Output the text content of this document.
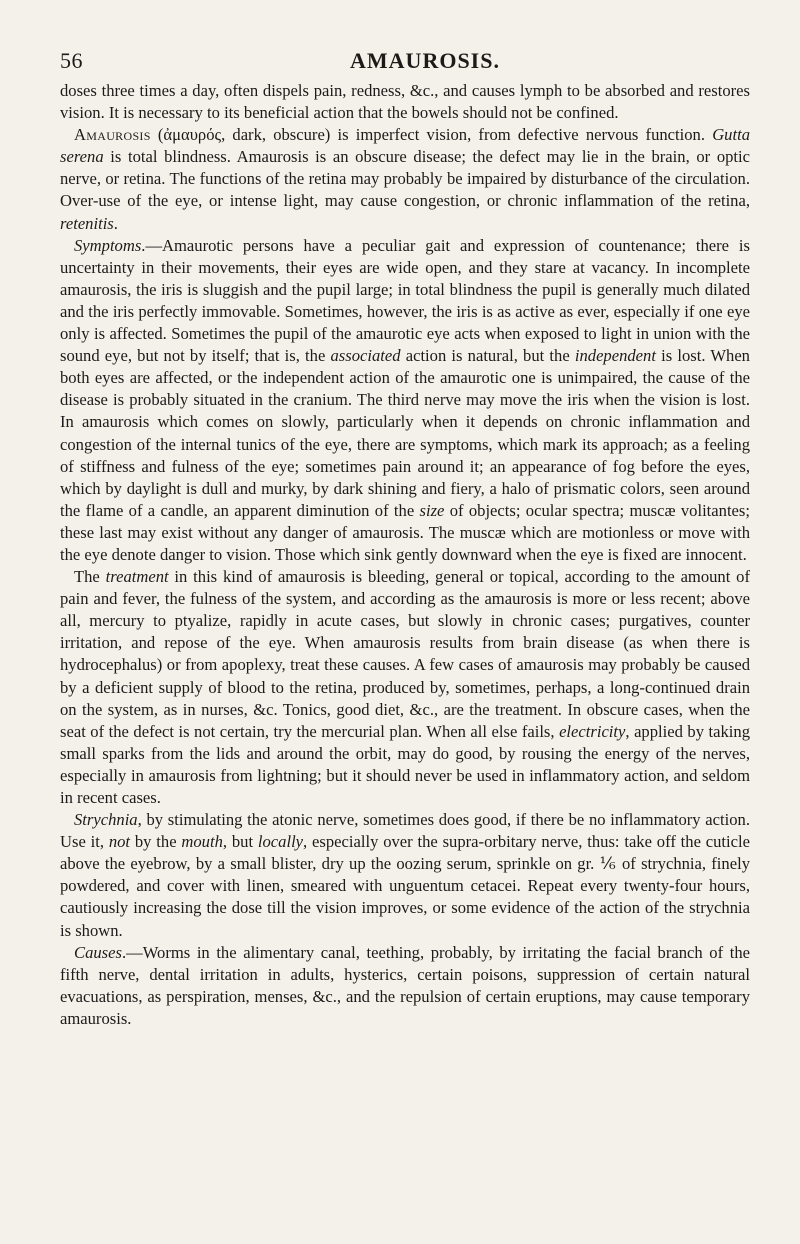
56	AMAUROSIS.

doses three times a day, often dispels pain, redness, &c., and causes lymph to be absorbed and restores vision. It is necessary to its beneficial action that the bowels should not be confined.

Amaurosis (ἀμαυρός, dark, obscure) is imperfect vision, from defective nervous function. Gutta serena is total blindness. Amaurosis is an obscure disease; the defect may lie in the brain, or optic nerve, or retina. The functions of the retina may probably be impaired by disturbance of the circulation. Over-use of the eye, or intense light, may cause congestion, or chronic inflammation of the retina, retenitis.

Symptoms.—Amaurotic persons have a peculiar gait and expression of countenance; there is uncertainty in their movements, their eyes are wide open, and they stare at vacancy. In incomplete amaurosis, the iris is sluggish and the pupil large; in total blindness the pupil is generally much dilated and the iris perfectly immovable. Sometimes, however, the iris is as active as ever, especially if one eye only is affected. Sometimes the pupil of the amaurotic eye acts when exposed to light in union with the sound eye, but not by itself; that is, the associated action is natural, but the independent is lost. When both eyes are affected, or the independent action of the amaurotic one is unimpaired, the cause of the disease is probably situated in the cranium. The third nerve may move the iris when the vision is lost. In amaurosis which comes on slowly, particularly when it depends on chronic inflammation and congestion of the internal tunics of the eye, there are symptoms, which mark its approach; as a feeling of stiffness and fulness of the eye; sometimes pain around it; an appearance of fog before the eyes, which by daylight is dull and murky, by dark shining and fiery, a halo of prismatic colors, seen around the flame of a candle, an apparent diminution of the size of objects; ocular spectra; muscæ volitantes; these last may exist without any danger of amaurosis. The muscæ which are motionless or move with the eye denote danger to vision. Those which sink gently downward when the eye is fixed are innocent.

The treatment in this kind of amaurosis is bleeding, general or topical, according to the amount of pain and fever, the fulness of the system, and according as the amaurosis is more or less recent; above all, mercury to ptyalize, rapidly in acute cases, but slowly in chronic cases; purgatives, counter irritation, and repose of the eye. When amaurosis results from brain disease (as when there is hydrocephalus) or from apoplexy, treat these causes. A few cases of amaurosis may probably be caused by a deficient supply of blood to the retina, produced by, sometimes, perhaps, a long-continued drain on the system, as in nurses, &c. Tonics, good diet, &c., are the treatment. In obscure cases, when the seat of the defect is not certain, try the mercurial plan. When all else fails, electricity, applied by taking small sparks from the lids and around the orbit, may do good, by rousing the energy of the nerves, especially in amaurosis from lightning; but it should never be used in inflammatory action, and seldom in recent cases.

Strychnia, by stimulating the atonic nerve, sometimes does good, if there be no inflammatory action. Use it, not by the mouth, but locally, especially over the supra-orbitary nerve, thus: take off the cuticle above the eyebrow, by a small blister, dry up the oozing serum, sprinkle on gr. ⅙ of strychnia, finely powdered, and cover with linen, smeared with unguentum cetacei. Repeat every twenty-four hours, cautiously increasing the dose till the vision improves, or some evidence of the action of the strychnia is shown.

Causes.—Worms in the alimentary canal, teething, probably, by irritating the facial branch of the fifth nerve, dental irritation in adults, hysterics, certain poisons, suppression of certain natural evacuations, as perspiration, menses, &c., and the repulsion of certain eruptions, may cause temporary amaurosis.
